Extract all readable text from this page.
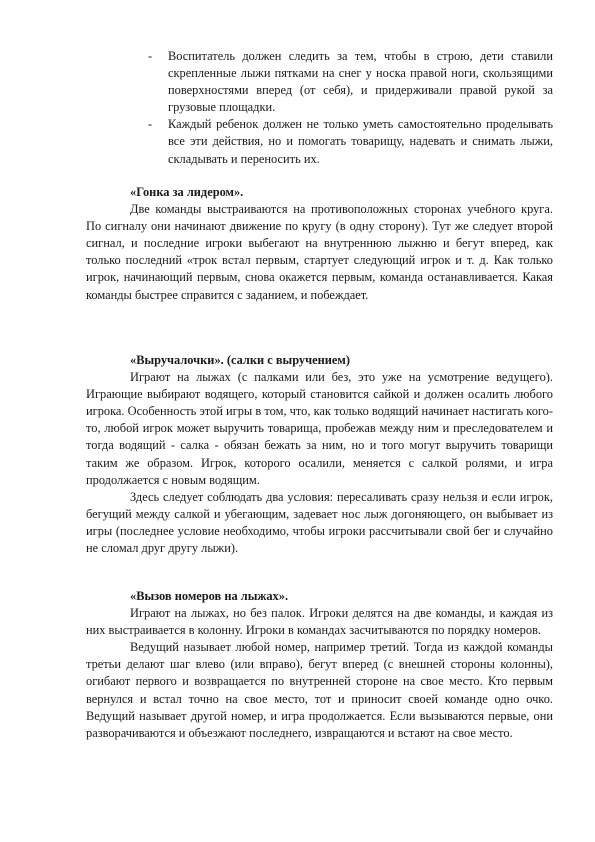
- Воспитатель должен следить за тем, чтобы в строю, дети ставили скрепленные лыжи пятками на снег у носка правой ноги, скользящими поверхностями вперед (от себя), и придерживали правой рукой за грузовые площадки.
- Каждый ребенок должен не только уметь самостоятельно проделывать все эти действия, но и помогать товарищу, надевать и снимать лыжи, складывать и переносить их.

«Гонка за лидером».

Две команды выстраиваются на противоположных сторонах учебного круга. По сигналу они начинают движение по кругу (в одну сторону). Тут же следует второй сигнал, и последние игроки выбегают на внутреннюю лыжню и бегут вперед, как только последний «трок встал первым, стартует следующий игрок и т. д. Как только игрок, начинающий первым, снова окажется первым, команда останавливается. Какая команды быстрее справится с заданием, и побеждает.

«Выручалочки». (салки с выручением)

Играют на лыжах (с палками или без, это уже на усмотрение ведущего). Играющие выбирают водящего, который становится сайкой и должен осалить любого игрока. Особенность этой игры в том, что, как только водящий начинает настигать кого-то, любой игрок может выручить товарища, пробежав между ним и преследователем и тогда водящий - салка - обязан бежать за ним, но и того могут выручить товарищи таким же образом. Игрок, которого осалили, меняется с салкой ролями, и игра продолжается с новым водящим.

Здесь следует соблюдать два условия: пересаливать сразу нельзя и если игрок, бегущий между салкой и убегающим, задевает нос лыж догоняющего, он выбывает из игры (последнее условие необходимо, чтобы игроки рассчитывали свой бег и случайно не сломал друг другу лыжи).

«Вызов номеров на лыжах».

Играют на лыжах, но без палок. Игроки делятся на две команды, и каждая из них выстраивается в колонну. Игроки в командах засчитываются по порядку номеров.

Ведущий называет любой номер, например третий. Тогда из каждой команды третьи делают шаг влево (или вправо), бегут вперед (с внешней стороны колонны), огибают первого и возвращается по внутренней стороне на свое место. Кто первым вернулся и встал точно на свое место, тот и приносит своей команде одно очко. Ведущий называет другой номер, и игра продолжается. Если вызываются первые, они разворачиваются и объезжают последнего, извращаются и встают на свое место.
